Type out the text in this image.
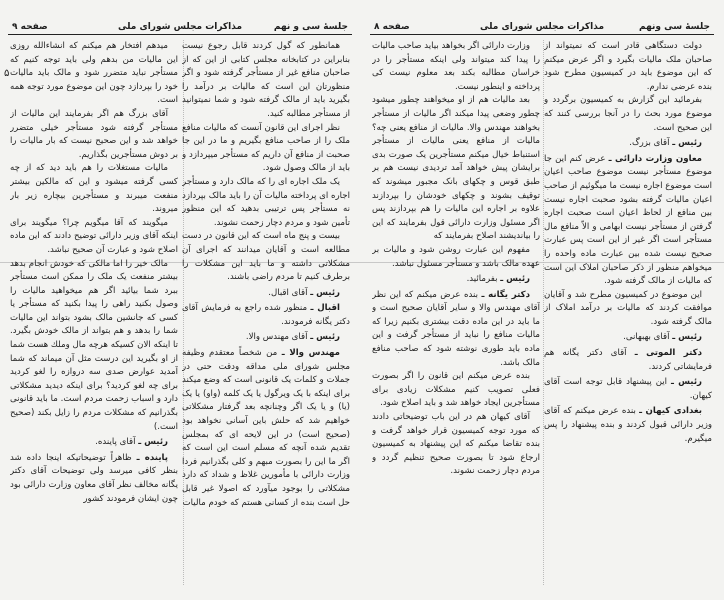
صفحه ۹	مذاکرات مجلس شورای ملی	جلسهٔ سی و نهم
۵

میدهم افتخار هم میکنم که انشاءالله روزی این مالیات من بدهم ولی باید توجه کنیم که مستأجر نباید متضرر شود و مالک باید مالیات خود را بپردازد چون این موضوع مورد توجه همه است.

آقای بزرگ هم اگر بفرمایند این مالیات از مستأجر گرفته شود مستأجر خیلی متضرر خواهد شد و این صحیح نیست که بار مالیات را بر دوش مستأجرین بگذاریم.

مالیات مستغلات را هم باید دید که از چه کسی گرفته میشود و این که مالکین بیشتر منفعت میبرند و مستأجرین بیچاره زیر بار میروند.

میگویند که آقا میگویم چرا؟ میگویند برای اینکه آقای وزیر دارائی توضیح دادند که این ماده اصلاح شود و عبارت آن صحیح نباشد.

مالک خیر را اما مالکی که خودش انجام بدهد بیشتر منفعت یک ملک را ممکن است مستأجر ببرد شما بیائید اگر هم میخواهید مالیات را وصول بکنید راهی را پیدا بکنید که مستأجر یا کسی که جانشین مالک بشود بتواند این مالیات شما را بدهد و هم بتواند از مالک خودش بگیرد. تا اینکه الان کسیکه هرچه مال وملك هست شما از او بگیرید این درست مثل آن میماند که شما آمدید عوارض صدی سه دروازه را لغو کردید برای چه لغو کردید؟ برای اینکه دیدید مشکلاتی دارد و اسباب زحمت مردم است. ما باید قانونی بگذرانیم که مشکلات مردم را زایل بکند (صحیح است.)

رئیس ـ آقای پاینده.

پاینده ـ ظاهراً توضیحاتیکه اینجا داده شد بنظر کافی میرسد ولی توضیحات آقای دکتر یگانه مخالف نظر آقای معاون وزارت دارائی بود چون ایشان فرمودند کشور

همانطور که گول کردند قابل رجوع نیست بنابراین در کتابخانه مجلس کتابی از این که از صاحبان منافع غیر از مستأجر گرفته شود و اگر منظورتان این است که مالیات بر درآمد را بگیرید باید از مالک گرفته شود و شما نمیتوانید از مستأجر مطالبه کنید.

نظر اجرای این قانون آنست که مالیات منافع ملک را از صاحب منافع بگیریم و ما در این جا صحبت از منافع آن داریم که مستأجر میپردازد و باید از مالک وصول شود.

یک ملک اجاره ای را که مالک دارد و مستأجر اجاره ای پرداخته مالیات آن را باید مالک بپردازد نه مستأجر پس ترتیبی بدهید که این منظور تأمین شود و مردم دچار زحمت نشوند.

بیست و پنج ماه است که این قانون در دست مطالعه است و آقایان میدانند که اجرای آن مشکلاتی داشته و ما باید این مشکلات را برطرف کنیم تا مردم راضی باشند.

رئیس ـ آقای اقبال.

اقبال ـ منظور شده راجع به فرمایش آقای دکتر یگانه فرمودند.

رئیس ـ آقای مهندس والا.

مهندس والا ـ من شخصاً معتقدم وظیفه مجلس شورای ملی مداقه ودقت حتی در جملات و کلمات یک قانونی است که وضع میکند برای اینکه با یک ویرگول یا یک کلمه (واو) یا یک (یا) و یا یک اگر وچنانچه بعد گرفتار مشکلاتی خواهیم شد که حلش باین آسانی نخواهد بود (صحیح است) در این لایحه ای که بمجلس تقدیم شده آنچه که مسلم است این است که اگر ما این را بصورت مبهم و کلی بگذرانیم فردا وزارت دارائی با مأمورین غلاظ و شداد که دارد مشکلاتی را بوجود میآورد که اصولا غیر قابل حل است بنده از کسانی هستم که خودم مالیات

صفحه ۸	مذاکرات مجلس شورای ملی	جلسهٔ سی ونهم

وزارت دارائی اگر بخواهد بیاید صاحب مالیات را پیدا کند میتواند ولی اینکه مستأجر را در خراسان مطالبه بکند بعد معلوم نیست کی پرداخته و اینطور نیست.

بعد مالیات هم از او میخواهند چطور میشود چطور وضعی پیدا میکند اگر مالیات از مستأجر بخواهند مهندس والا. مالیات از منافع یعنی چه؟ مالیات از منافع یعنی مالیات از مستأجر استنباط خیال میکنم مستأجرین یک صورت بدی برایشان پیش خواهد آمد تردیدی نیست هم بر طبق قوس و چکهای بانک مجبور میشوند که توقیف بشوند و چکهای خودشان را بپردازند علاوه بر اجاره این مالیات را هم بپردازند پس اگر مسئول وزارت دارائی قول بفرمایند که این را بیاندیشند اصلاح بفرمایند که

مفهوم این عبارت روشن شود و مالیات بر عهده مالک باشد و مستأجر مسئول نباشد.

رئیس ـ بفرمائید.

دکتر یگانه ـ بنده عرض میکنم که این نظر آقای مهندس والا و سایر آقایان صحیح است و ما باید در این ماده دقت بیشتری بکنیم زیرا که مالیات منافع را نباید از مستأجر گرفت و این ماده باید طوری نوشته شود که صاحب منافع مالک باشد.

بنده عرض میکنم این قانون را اگر بصورت فعلی تصویب کنیم مشکلات زیادی برای مستأجرین ایجاد خواهد شد و باید اصلاح شود.

آقای کیهان هم در این باب توضیحاتی دادند که مورد توجه کمیسیون قرار خواهد گرفت و بنده تقاضا میکنم که این پیشنهاد به کمیسیون ارجاع شود تا بصورت صحیح تنظیم گردد و مردم دچار زحمت نشوند.

دولت دستگاهی قادر است که نمیتواند از صاحبان ملک مالیات بگیرد و اگر عرض میکنم که این موضوع باید در کمیسیون مطرح شود بنده عرضی ندارم.

بفرمائید این گزارش به کمیسیون برگردد و موضوع مورد بحث را در آنجا بررسی کنند که این صحیح است.

رئیس ـ آقای بزرگ.

معاون وزارت دارائی ـ عرض کنم این جا موضوع مستأجر نیست موضوع صاحب اعیان است موضوع اجاره نیست ما میگوئیم از صاحب اعیان مالیات گرفته بشود صحبت اجاره نیست بین منافع از لحاظ اعیان است صحبت اجاره گرفتن از مستأجر نیست ابهامی و الاّ منافع مال مستأجر است اگر غیر از این است پس عبارت صحیح نیست شده بین عبارت ماده واحده را میخواهم منظور از ذکر صاحبان املاک این است که مالیات از مالک گرفته شود.

این موضوع در کمیسیون مطرح شد و آقایان موافقت کردند که مالیات بر درآمد املاک از مالک گرفته شود.

رئیس ـ آقای بهبهانی.

دکتر الموتی ـ آقای دکتر یگانه هم فرمایشاتی کردند.

رئیس ـ این پیشنهاد قابل توجه است آقای کیهان.

بغدادی کیهان ـ بنده عرض میکنم که آقای وزیر دارائی قبول کردند و بنده پیشنهاد را پس میگیرم.
